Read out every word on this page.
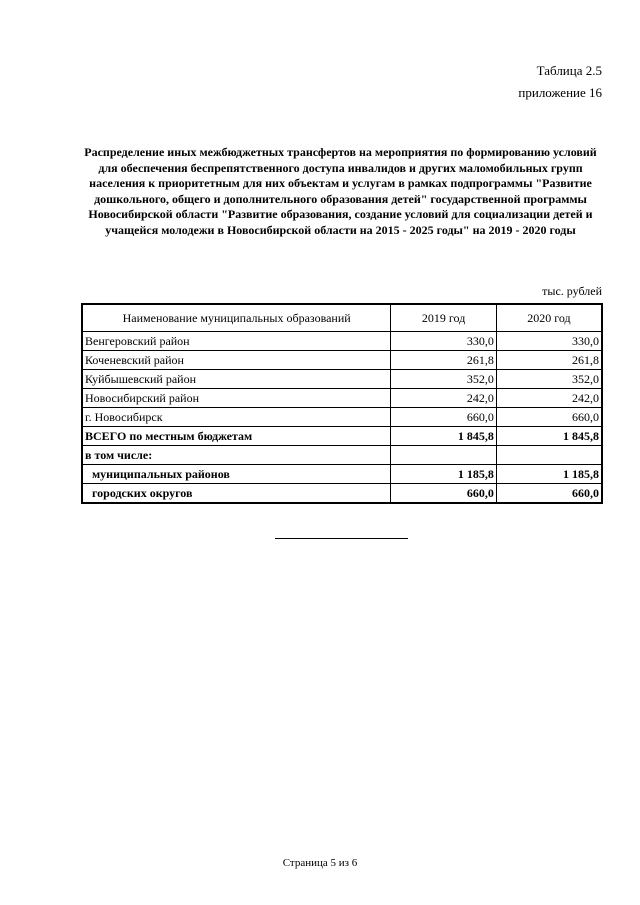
Таблица 2.5
приложение 16

Распределение иных межбюджетных трансфертов на мероприятия по формированию условий для обеспечения беспрепятственного доступа инвалидов и других маломобильных групп населения к приоритетным для них объектам и услугам в рамках подпрограммы "Развитие дошкольного, общего и дополнительного образования детей" государственной программы Новосибирской области "Развитие образования, создание условий для социализации детей и учащейся молодежи в Новосибирской области на 2015 - 2025 годы" на 2019 - 2020 годы

тыс. рублей
Наименование муниципальных образований	2019 год	2020 год
Венгеровский район	330,0	330,0
Коченевский район	261,8	261,8
Куйбышевский район	352,0	352,0
Новосибирский район	242,0	242,0
г. Новосибирск	660,0	660,0
ВСЕГО по местным бюджетам	1 845,8	1 845,8
в том числе:		
муниципальных районов	1 185,8	1 185,8
городских округов	660,0	660,0
Страница 5 из 6
